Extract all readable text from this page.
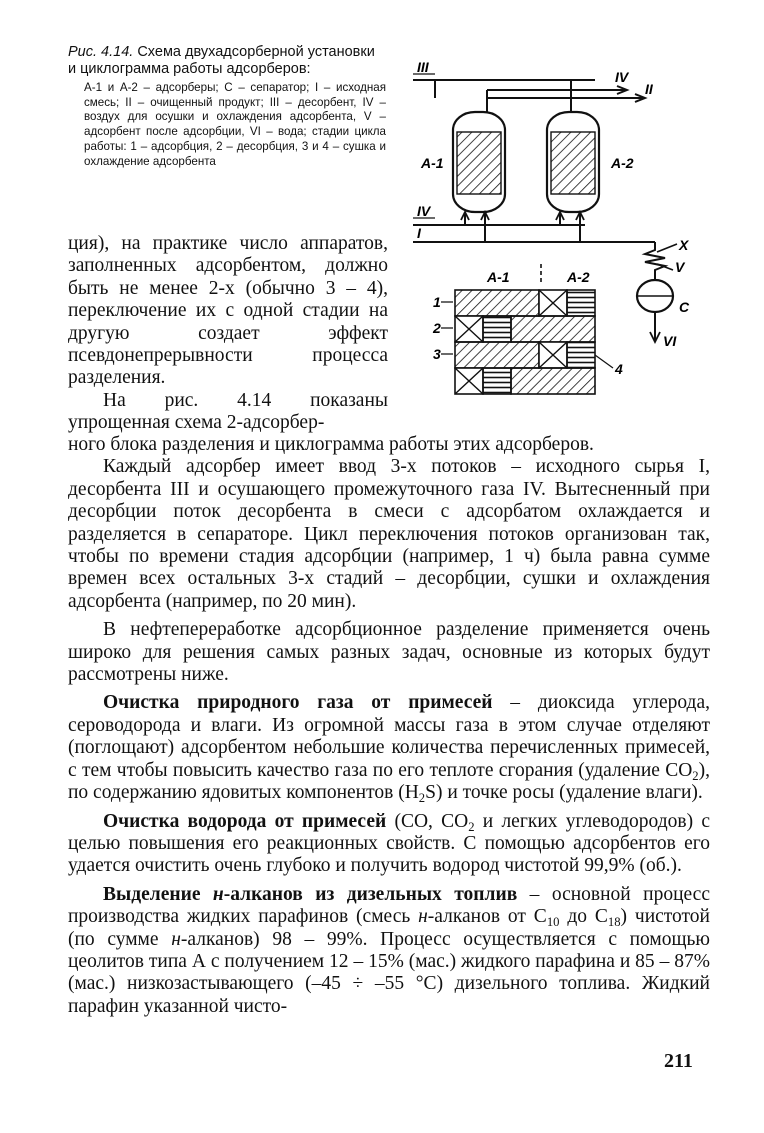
Рис. 4.14. Схема двухадсорберной установки и циклограмма работы адсорберов:
А-1 и А-2 – адсорберы; С – сепаратор; I – исходная смесь; II – очищенный продукт; III – десорбент, IV – воздух для осушки и охлаждения адсорбента, V – адсорбент после адсорбции, VI – вода; стадии цикла работы: 1 – адсорбция, 2 – десорбция, 3 и 4 – сушка и охлаждение адсорбента
III
IV
II
А-1	А-2
IV
I
X
V
С
VI
А-1	А-2
1
2
3
4

ция), на практике число аппаратов, заполненных адсорбентом, должно быть не менее 2-х (обычно 3 – 4), переключение их с одной стадии на другую создает эффект псевдонепрерывности процесса разделения.

На рис. 4.14 показаны упрощенная схема 2-адсорбер-

ного блока разделения и циклограмма работы этих адсорберов.

Каждый адсорбер имеет ввод 3-х потоков – исходного сырья I, десорбента III и осушающего промежуточного газа IV. Вытесненный при десорбции поток десорбента в смеси с адсорбатом охлаждается и разделяется в сепараторе. Цикл переключения потоков организован так, чтобы по времени стадия адсорбции (например, 1 ч) была равна сумме времен всех остальных 3-х стадий – десорбции, сушки и охлаждения адсорбента (например, по 20 мин).

В нефтепереработке адсорбционное разделение применяется очень широко для решения самых разных задач, основные из которых будут рассмотрены ниже.

Очистка природного газа от примесей – диоксида углерода, сероводорода и влаги. Из огромной массы газа в этом случае отделяют (поглощают) адсорбентом небольшие количества перечисленных примесей, с тем чтобы повысить качество газа по его теплоте сгорания (удаление $CO_2$), по содержанию ядовитых компонентов $(H_2S)$ и точке росы (удаление влаги).

Очистка водорода от примесей (CO, $CO_2$ и легких углеводородов) с целью повышения его реакционных свойств. С помощью адсорбентов его удается очистить очень глубоко и получить водород чистотой 99,9% (об.).

Выделение н-алканов из дизельных топлив – основной процесс производства жидких парафинов (смесь н-алканов от $C_{10}$ до $C_{18}$) чистотой (по сумме н-алканов) 98 – 99%. Процесс осуществляется с помощью цеолитов типа А с получением 12 – 15% (мас.) жидкого парафина и 85 – 87% (мас.) низкозастывающего (–45 ÷ –55 °C) дизельного топлива. Жидкий парафин указанной чисто-

211
